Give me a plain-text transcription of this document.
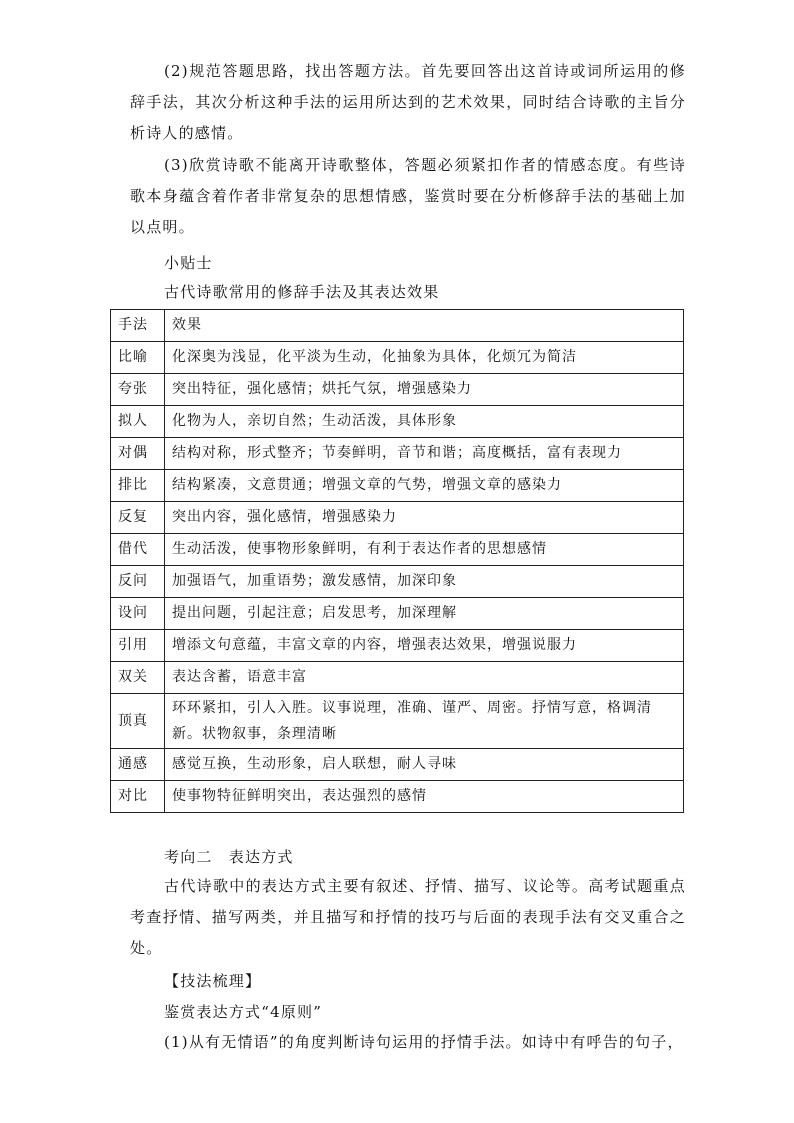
(2)规范答题思路，找出答题方法。首先要回答出这首诗或词所运用的修辞手法，其次分析这种手法的运用所达到的艺术效果，同时结合诗歌的主旨分析诗人的感情。

(3)欣赏诗歌不能离开诗歌整体，答题必须紧扣作者的情感态度。有些诗歌本身蕴含着作者非常复杂的思想情感，鉴赏时要在分析修辞手法的基础上加以点明。

小贴士
古代诗歌常用的修辞手法及其表达效果
手法	效果
比喻	化深奥为浅显，化平淡为生动，化抽象为具体，化烦冗为简洁
夸张	突出特征，强化感情；烘托气氛，增强感染力
拟人	化物为人，亲切自然；生动活泼，具体形象
对偶	结构对称，形式整齐；节奏鲜明，音节和谐；高度概括，富有表现力
排比	结构紧凑，文意贯通；增强文章的气势，增强文章的感染力
反复	突出内容，强化感情，增强感染力
借代	生动活泼，使事物形象鲜明，有利于表达作者的思想感情
反问	加强语气，加重语势；激发感情，加深印象
设问	提出问题，引起注意；启发思考，加深理解
引用	增添文句意蕴，丰富文章的内容，增强表达效果，增强说服力
双关	表达含蓄，语意丰富
顶真	环环紧扣，引人入胜。议事说理，准确、谨严、周密。抒情写意，格调清新。状物叙事，条理清晰
通感	感觉互换，生动形象，启人联想，耐人寻味
对比	使事物特征鲜明突出，表达强烈的感情
考向二　表达方式

古代诗歌中的表达方式主要有叙述、抒情、描写、议论等。高考试题重点考查抒情、描写两类，并且描写和抒情的技巧与后面的表现手法有交叉重合之处。

【技法梳理】
鉴赏表达方式“4原则”
(1)从有无情语”的角度判断诗句运用的抒情手法。如诗中有呼告的句子，
